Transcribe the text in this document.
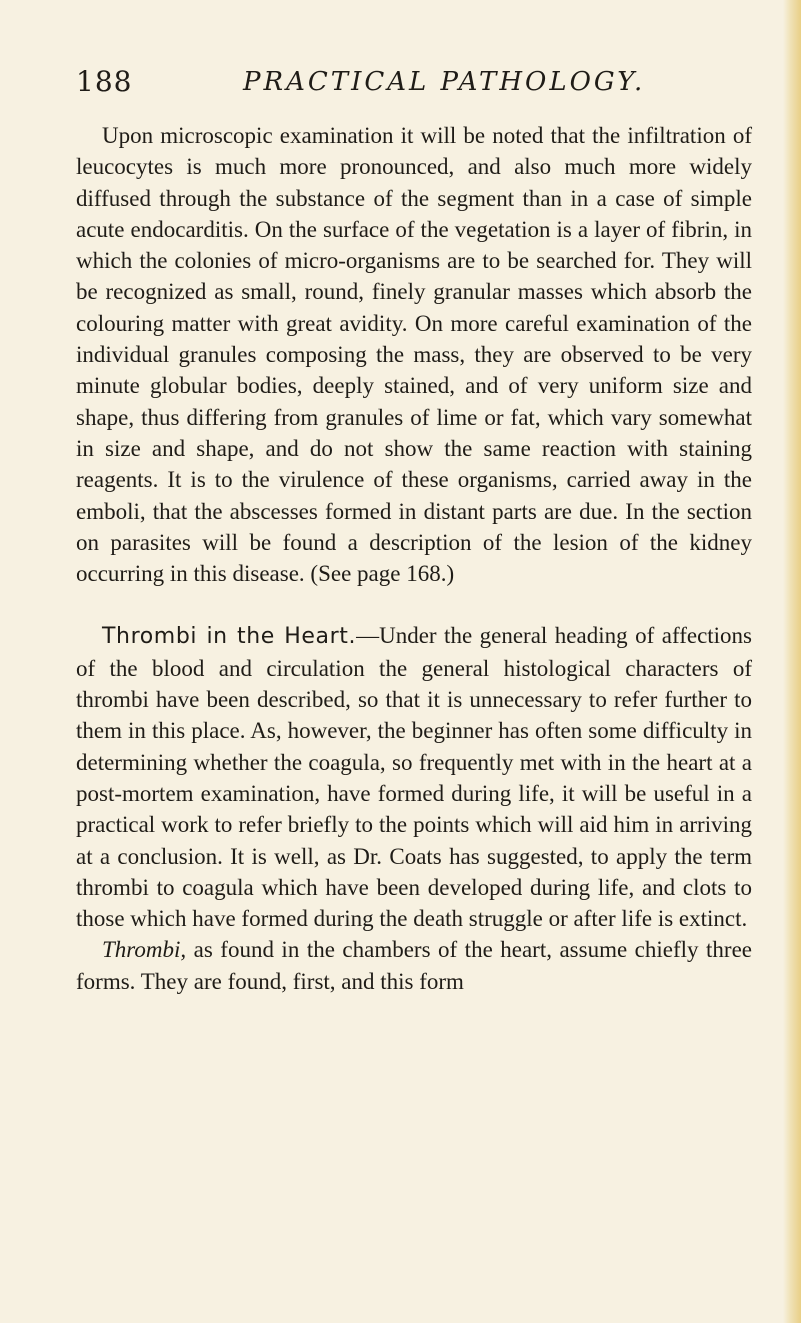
188	PRACTICAL PATHOLOGY.

Upon microscopic examination it will be noted that the infiltration of leucocytes is much more pronounced, and also much more widely diffused through the substance of the segment than in a case of simple acute endocarditis. On the surface of the vegetation is a layer of fibrin, in which the colonies of micro-organisms are to be searched for. They will be recognized as small, round, finely granular masses which absorb the colouring matter with great avidity. On more careful examination of the individual granules composing the mass, they are observed to be very minute globular bodies, deeply stained, and of very uniform size and shape, thus differing from granules of lime or fat, which vary somewhat in size and shape, and do not show the same reaction with staining reagents. It is to the virulence of these organisms, carried away in the emboli, that the abscesses formed in distant parts are due. In the section on parasites will be found a description of the lesion of the kidney occurring in this disease. (See page 168.)

Thrombi in the Heart.—Under the general heading of affections of the blood and circulation the general histological characters of thrombi have been described, so that it is unnecessary to refer further to them in this place. As, however, the beginner has often some difficulty in determining whether the coagula, so frequently met with in the heart at a post-mortem examination, have formed during life, it will be useful in a practical work to refer briefly to the points which will aid him in arriving at a conclusion. It is well, as Dr. Coats has suggested, to apply the term thrombi to coagula which have been developed during life, and clots to those which have formed during the death struggle or after life is extinct.

Thrombi, as found in the chambers of the heart, assume chiefly three forms. They are found, first, and this form
